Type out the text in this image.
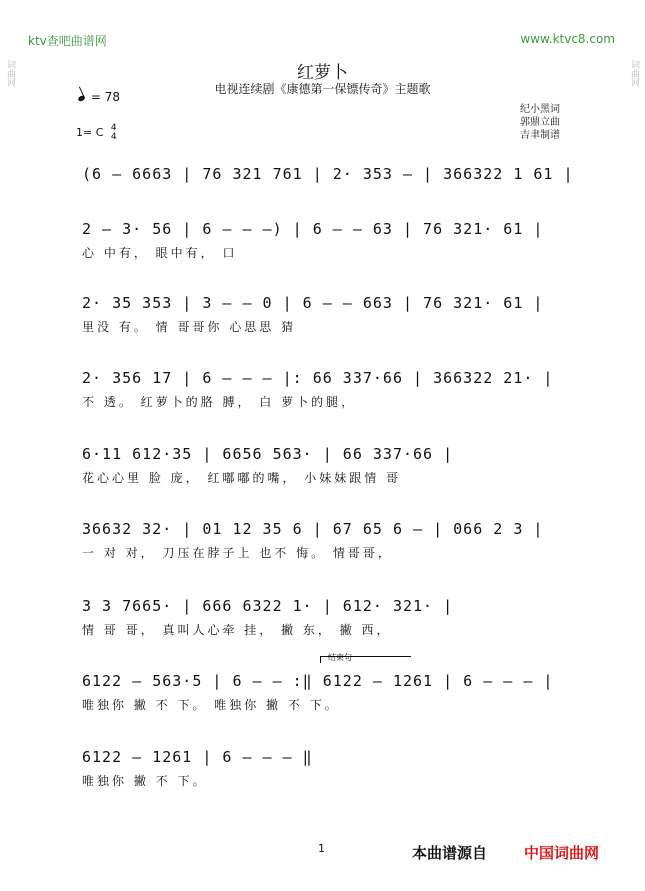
ktv查吧曲谱网	www.ktvc8.com
词曲网	词曲网
红萝卜
电视连续剧《康德第一保镖传奇》主题歌
= 78
1= C 4
4
纪小黑词
郭鼎立曲
吉聿制谱
(6 — 6663 | 76 321 761 | 2· 353 — | 366322 1 61 |
2 — 3· 56 | 6 — — —) | 6 — — 63 | 76 321· 61 |
心 中有， 眼中有， 口
2· 35 353 | 3 — — 0 | 6 — — 663 | 76 321· 61 |
里没 有。 情 哥哥你 心思思 猜
2· 356 17 | 6 — — — |: 66 337·66 | 366322 21· |
不 透。 红萝卜的胳 膊， 白 萝卜的腿，
6·11 612·35 | 6656 563· | 66 337·66 |
花心心里 脸 庞， 红嘟嘟的嘴， 小妹妹跟情 哥
36632 32· | 01 12 35 6 | 67 65 6 — | 066 2 3 |
一 对 对， 刀压在脖子上 也不 悔。 情哥哥，
3 3 7665· | 666 6322 1· | 612· 321· |
情 哥 哥， 真叫人心牵 挂， 撇 东， 撇 西，
结束句
6122 — 563·5 | 6 — — :‖ 6122 — 1261 | 6 — — — |
唯独你 撇 不 下。 唯独你 撇 不 下。
6122 — 1261 | 6 — — — ‖
唯独你 撇 不 下。
1	本曲谱源自 中国词曲网
